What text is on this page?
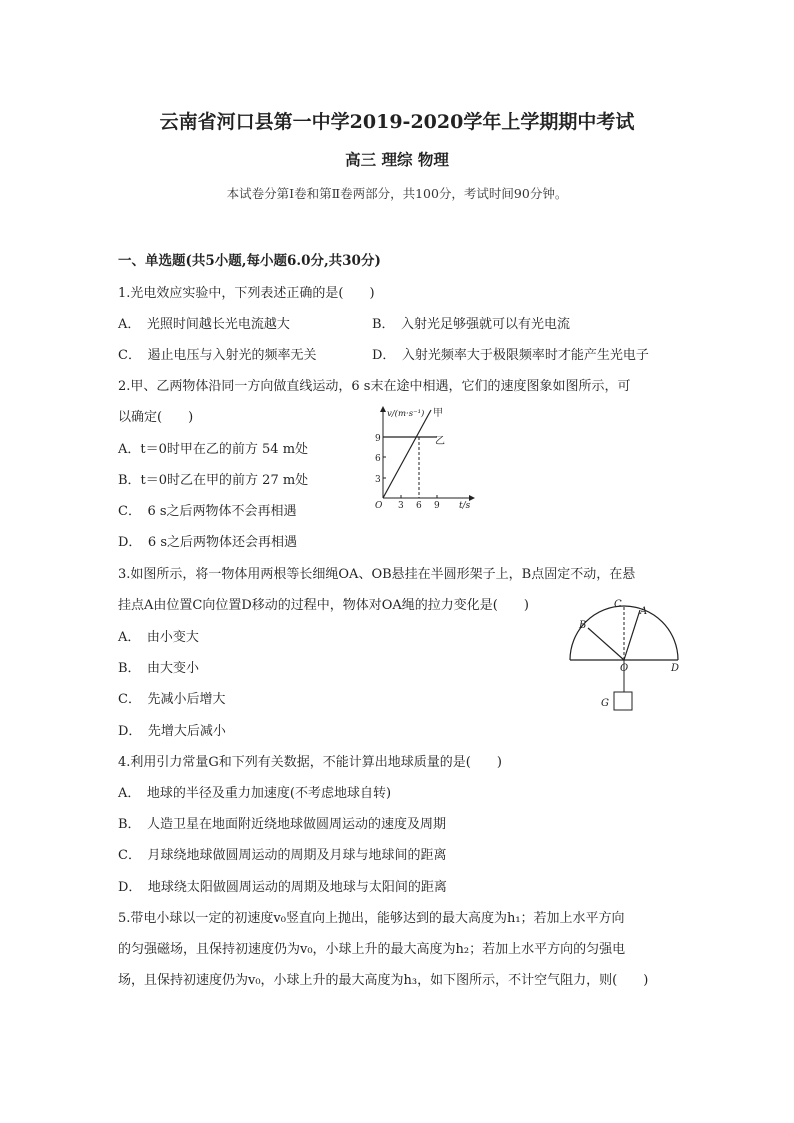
云南省河口县第一中学2019-2020学年上学期期中考试
高三 理综 物理
本试卷分第Ⅰ卷和第Ⅱ卷两部分，共100分，考试时间90分钟。
一、单选题(共5小题,每小题6.0分,共30分)
1.光电效应实验中，下列表述正确的是(　　)
A．　光照时间越长光电流越大	B．　入射光足够强就可以有光电流
C．　遏止电压与入射光的频率无关	D．　入射光频率大于极限频率时才能产生光电子
2.甲、乙两物体沿同一方向做直线运动，6 s末在途中相遇，它们的速度图象如图所示，可
以确定(　　)
A．t＝0时甲在乙的前方 54 m处
B．t＝0时乙在甲的前方 27 m处
C．　6 s之后两物体不会再相遇
D．　6 s之后两物体还会再相遇
v/(m·s⁻¹) 甲
乙
9
6
3
O 3 6 9 t/s
3.如图所示，将一物体用两根等长细绳OA、OB悬挂在半圆形架子上，B点固定不动，在悬
挂点A由位置C向位置D移动的过程中，物体对OA绳的拉力变化是(　　)
A．　由小变大
B．　由大变小
C．　先减小后增大
D．　先增大后减小
C
A
B
O	D
G
4.利用引力常量G和下列有关数据，不能计算出地球质量的是(　　)
A．　地球的半径及重力加速度(不考虑地球自转)
B．　人造卫星在地面附近绕地球做圆周运动的速度及周期
C．　月球绕地球做圆周运动的周期及月球与地球间的距离
D．　地球绕太阳做圆周运动的周期及地球与太阳间的距离
5.带电小球以一定的初速度v₀竖直向上抛出，能够达到的最大高度为h₁；若加上水平方向
的匀强磁场，且保持初速度仍为v₀，小球上升的最大高度为h₂；若加上水平方向的匀强电
场，且保持初速度仍为v₀，小球上升的最大高度为h₃，如下图所示，不计空气阻力，则(　　)
